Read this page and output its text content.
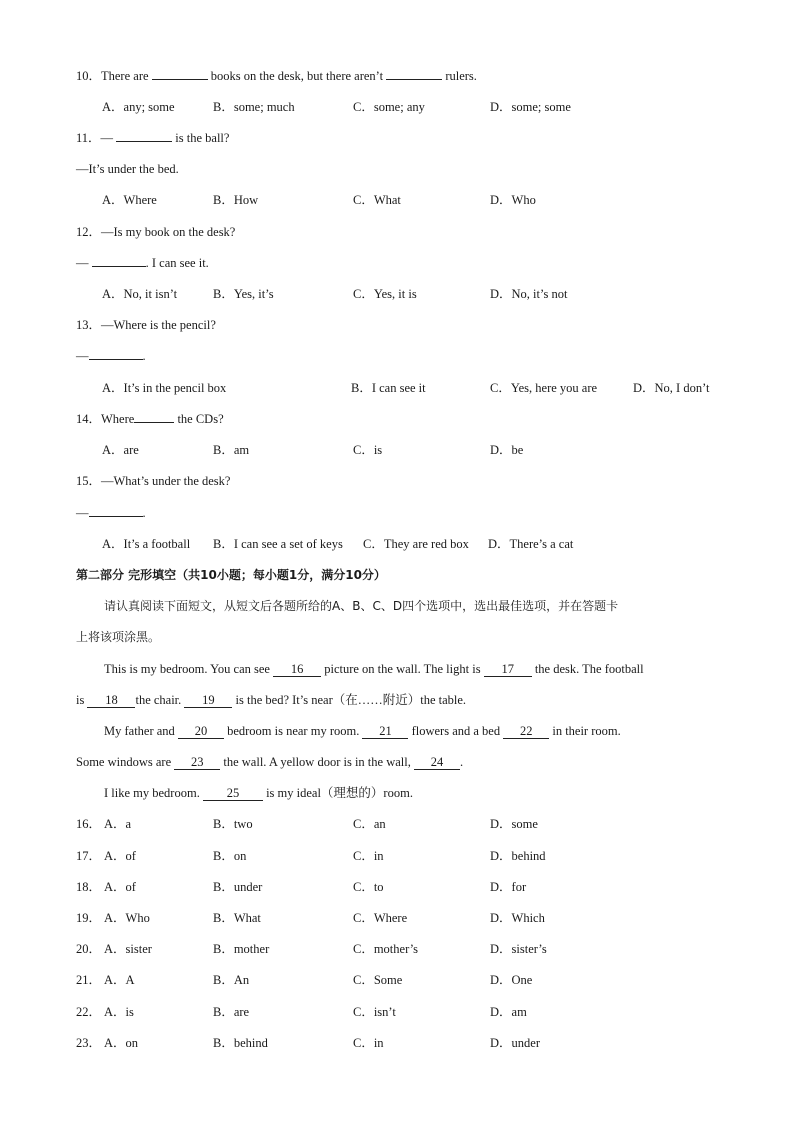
10．There are	books on the desk, but there aren’t	rulers.
A．any; some	B．some; much	C．some; any	D．some; some
11．—	is the ball?
—It’s under the bed.
A．Where	B．How	C．What	D．Who
12．—Is my book on the desk?
—	. I can see it.
A．No, it isn’t	B．Yes, it’s	C．Yes, it is	D．No, it’s not
13．—Where is the pencil?
—	.
A．It’s in the pencil box	B．I can see it	C．Yes, here you are	D．No, I don’t
14．Where	the CDs?
A．are	B．am	C．is	D．be
15．—What’s under the desk?
—	.
A．It’s a football B．I can see a set of keys C．They are red box D．There’s a cat
第二部分 完形填空（共10小题；每小题1分，满分10分）
请认真阅读下面短文，从短文后各题所给的A、B、C、D四个选项中，选出最佳选项，并在答题卡
上将该项涂黑。
This is my bedroom. You can see 16 picture on the wall. The light is 17 the desk. The football
is 18 the chair. 19 is the bed? It’s near（在……附近）the table.
My father and 20 bedroom is near my room. 21 flowers and a bed 22 in their room.
Some windows are 23 the wall. A yellow door is in the wall, 24 .
I like my bedroom. 25 is my ideal（理想的）room.
16． A．a	B．two	C．an	D．some
17． A．of	B．on	C．in	D．behind
18． A．of	B．under	C．to	D．for
19． A．Who	B．What	C．Where	D．Which
20． A．sister	B．mother	C．mother’s	D．sister’s
21． A．A	B．An	C．Some	D．One
22． A．is	B．are	C．isn’t	D．am
23． A．on	B．behind	C．in	D．under
